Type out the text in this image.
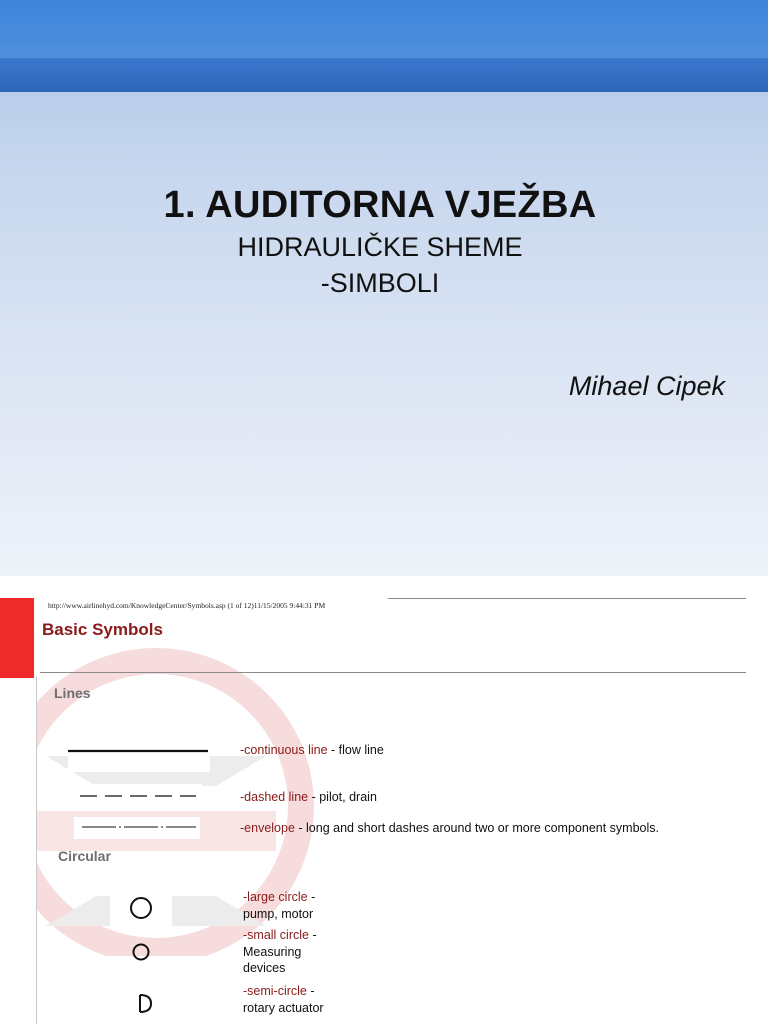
1. AUDITORNA VJEŽBA
HIDRAULIČKE SHEME
-SIMBOLI
Mihael Cipek
http://www.airlinehyd.com/KnowledgeCenter/Symbols.asp (1 of 12)11/15/2005 9:44:31 PM
Basic Symbols
Lines
-continuous line - flow line
-dashed line - pilot, drain
-envelope - long and short dashes around two or more component symbols.
Circular
-large circle -
pump, motor
-small circle -
Measuring
devices
-semi-circle -
rotary actuator
